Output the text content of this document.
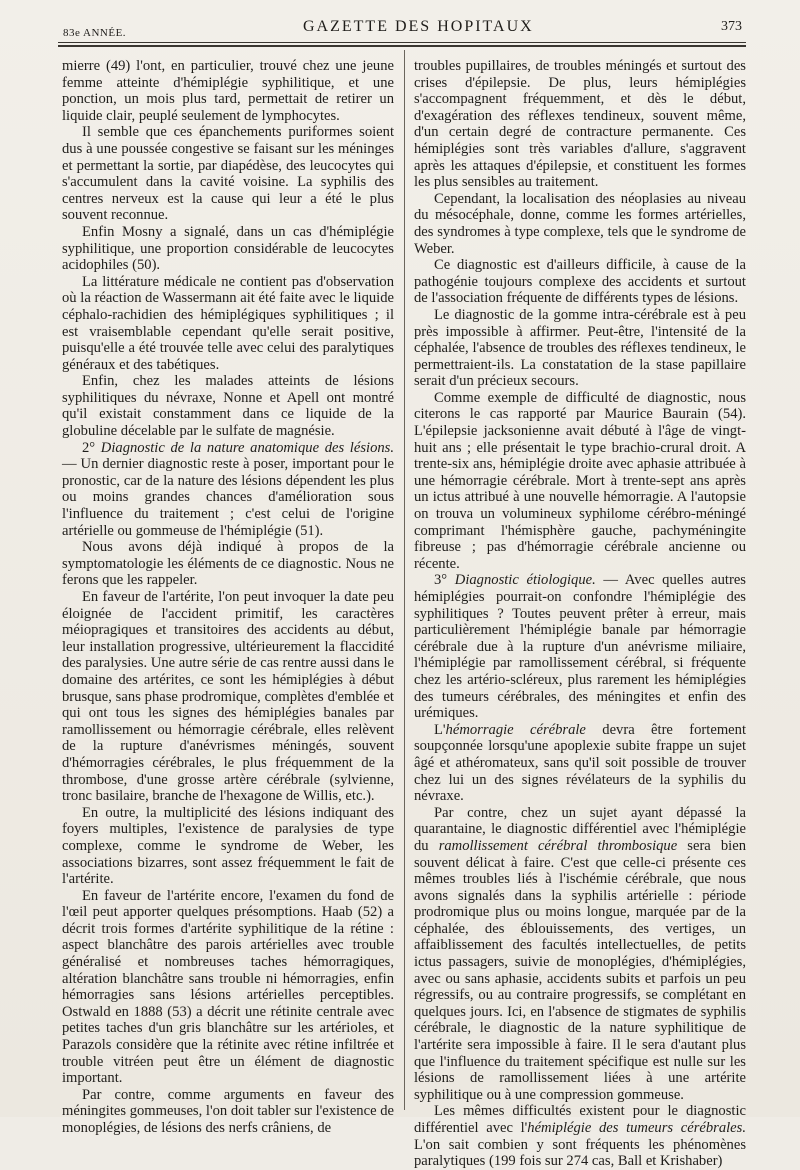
83e ANNÉE.	GAZETTE DES HOPITAUX	373

mierre (49) l'ont, en particulier, trouvé chez une jeune femme atteinte d'hémiplégie syphilitique, et une ponction, un mois plus tard, permettait de retirer un liquide clair, peuplé seulement de lymphocytes.

Il semble que ces épanchements puriformes soient dus à une poussée congestive se faisant sur les méninges et permettant la sortie, par diapédèse, des leucocytes qui s'accumulent dans la cavité voisine. La syphilis des centres nerveux est la cause qui leur a été le plus souvent reconnue.

Enfin Mosny a signalé, dans un cas d'hémiplégie syphilitique, une proportion considérable de leucocytes acidophiles (50).

La littérature médicale ne contient pas d'observation où la réaction de Wassermann ait été faite avec le liquide céphalo-rachidien des hémiplégiques syphilitiques ; il est vraisemblable cependant qu'elle serait positive, puisqu'elle a été trouvée telle avec celui des paralytiques généraux et des tabétiques.

Enfin, chez les malades atteints de lésions syphilitiques du névraxe, Nonne et Apell ont montré qu'il existait constamment dans ce liquide de la globuline décelable par le sulfate de magnésie.

2° Diagnostic de la nature anatomique des lésions. — Un dernier diagnostic reste à poser, important pour le pronostic, car de la nature des lésions dépendent les plus ou moins grandes chances d'amélioration sous l'influence du traitement ; c'est celui de l'origine artérielle ou gommeuse de l'hémiplégie (51).

Nous avons déjà indiqué à propos de la symptomatologie les éléments de ce diagnostic. Nous ne ferons que les rappeler.

En faveur de l'artérite, l'on peut invoquer la date peu éloignée de l'accident primitif, les caractères méiopragiques et transitoires des accidents au début, leur installation progressive, ultérieurement la flaccidité des paralysies. Une autre série de cas rentre aussi dans le domaine des artérites, ce sont les hémiplégies à début brusque, sans phase prodromique, complètes d'emblée et qui ont tous les signes des hémiplégies banales par ramollissement ou hémorragie cérébrale, elles relèvent de la rupture d'anévrismes méningés, souvent d'hémorragies cérébrales, le plus fréquemment de la thrombose, d'une grosse artère cérébrale (sylvienne, tronc basilaire, branche de l'hexagone de Willis, etc.).

En outre, la multiplicité des lésions indiquant des foyers multiples, l'existence de paralysies de type complexe, comme le syndrome de Weber, les associations bizarres, sont assez fréquemment le fait de l'artérite.

En faveur de l'artérite encore, l'examen du fond de l'œil peut apporter quelques présomptions. Haab (52) a décrit trois formes d'artérite syphilitique de la rétine : aspect blanchâtre des parois artérielles avec trouble généralisé et nombreuses taches hémorragiques, altération blanchâtre sans trouble ni hémorragies, enfin hémorragies sans lésions artérielles perceptibles. Ostwald en 1888 (53) a décrit une rétinite centrale avec petites taches d'un gris blanchâtre sur les artérioles, et Parazols considère que la rétinite avec rétine infiltrée et trouble vitréen peut être un élément de diagnostic important.

Par contre, comme arguments en faveur des méningites gommeuses, l'on doit tabler sur l'existence de monoplégies, de lésions des nerfs crâniens, de

troubles pupillaires, de troubles méningés et surtout des crises d'épilepsie. De plus, leurs hémiplégies s'accompagnent fréquemment, et dès le début, d'exagération des réflexes tendineux, souvent même, d'un certain degré de contracture permanente. Ces hémiplégies sont très variables d'allure, s'aggravent après les attaques d'épilepsie, et constituent les formes les plus sensibles au traitement.

Cependant, la localisation des néoplasies au niveau du mésocéphale, donne, comme les formes artérielles, des syndromes à type complexe, tels que le syndrome de Weber.

Ce diagnostic est d'ailleurs difficile, à cause de la pathogénie toujours complexe des accidents et surtout de l'association fréquente de différents types de lésions.

Le diagnostic de la gomme intra-cérébrale est à peu près impossible à affirmer. Peut-être, l'intensité de la céphalée, l'absence de troubles des réflexes tendineux, le permettraient-ils. La constatation de la stase papillaire serait d'un précieux secours.

Comme exemple de difficulté de diagnostic, nous citerons le cas rapporté par Maurice Baurain (54). L'épilepsie jacksonienne avait débuté à l'âge de vingt-huit ans ; elle présentait le type brachio-crural droit. A trente-six ans, hémiplégie droite avec aphasie attribuée à une hémorragie cérébrale. Mort à trente-sept ans après un ictus attribué à une nouvelle hémorragie. A l'autopsie on trouva un volumineux syphilome cérébro-méningé comprimant l'hémisphère gauche, pachyméningite fibreuse ; pas d'hémorragie cérébrale ancienne ou récente.

3° Diagnostic étiologique. — Avec quelles autres hémiplégies pourrait-on confondre l'hémiplégie des syphilitiques ? Toutes peuvent prêter à erreur, mais particulièrement l'hémiplégie banale par hémorragie cérébrale due à la rupture d'un anévrisme miliaire, l'hémiplégie par ramollissement cérébral, si fréquente chez les artério-scléreux, plus rarement les hémiplégies des tumeurs cérébrales, des méningites et enfin des urémiques.

L'hémorragie cérébrale devra être fortement soupçonnée lorsqu'une apoplexie subite frappe un sujet âgé et athéromateux, sans qu'il soit possible de trouver chez lui un des signes révélateurs de la syphilis du névraxe.

Par contre, chez un sujet ayant dépassé la quarantaine, le diagnostic différentiel avec l'hémiplégie du ramollissement cérébral thrombosique sera bien souvent délicat à faire. C'est que celle-ci présente ces mêmes troubles liés à l'ischémie cérébrale, que nous avons signalés dans la syphilis artérielle : période prodromique plus ou moins longue, marquée par de la céphalée, des éblouissements, des vertiges, un affaiblissement des facultés intellectuelles, de petits ictus passagers, suivie de monoplégies, d'hémiplégies, avec ou sans aphasie, accidents subits et parfois un peu régressifs, ou au contraire progressifs, se complétant en quelques jours. Ici, en l'absence de stigmates de syphilis cérébrale, le diagnostic de la nature syphilitique de l'artérite sera impossible à faire. Il le sera d'autant plus que l'influence du traitement spécifique est nulle sur les lésions de ramollissement liées à une artérite syphilitique ou à une compression gommeuse.

Les mêmes difficultés existent pour le diagnostic différentiel avec l'hémiplégie des tumeurs cérébrales. L'on sait combien y sont fréquents les phénomènes paralytiques (199 fois sur 274 cas, Ball et Krishaber)
